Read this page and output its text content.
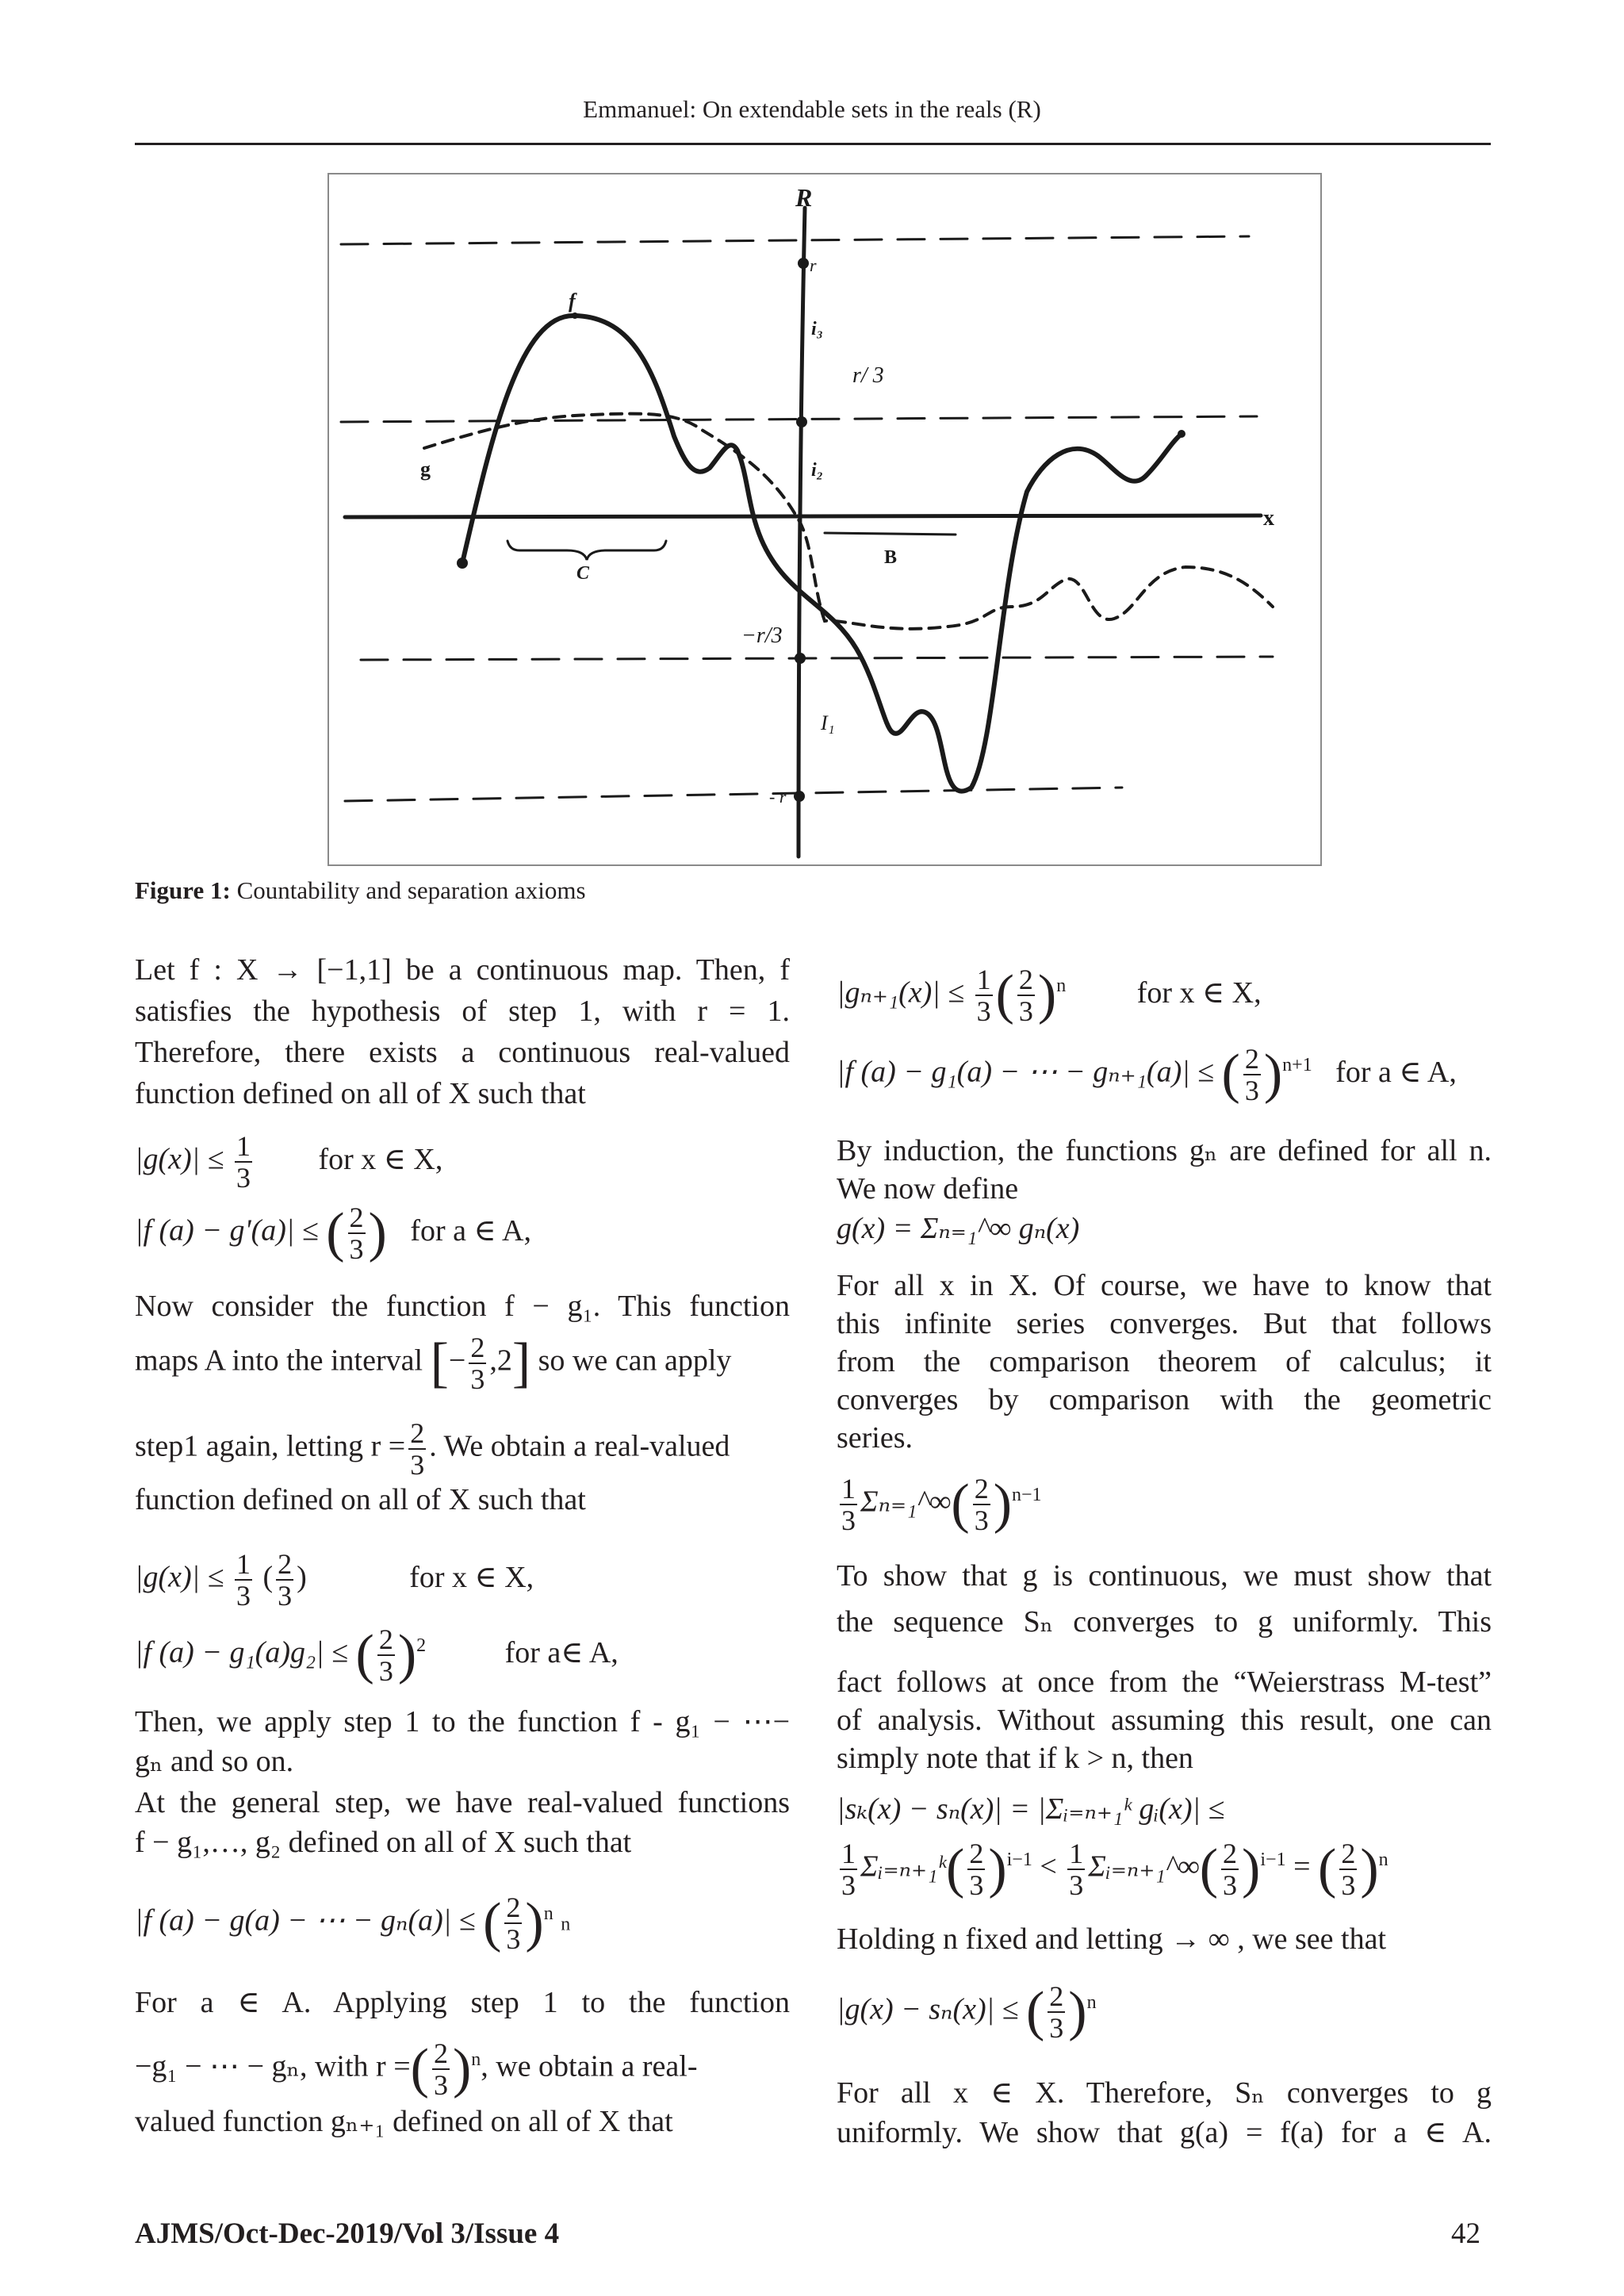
Emmanuel: On extendable sets in the reals (R)
R
x
r
- r
f
g
i₃
r/ 3
i₂
C
B
−r/3
I₁
Figure 1: Countability and separation axioms
Let f : X → [−1,1] be a continuous map. Then, f
satisfies the hypothesis of step 1, with r = 1.
Therefore, there exists a continuous real-valued
function defined on all of X such that
$|g(x)| \le \frac{1}{3}$ for x ∈ X,
|f (a) − g'(a)| ≤ ( $\frac{2}{3}$ ) for a ∈ A,
Now consider the function f − g₁. This function
maps A into the interval [− $\frac{2}{3} ,2$] so we can apply
step1 again, letting $r = \frac{2}{3}$ . We obtain a real-valued
function defined on all of X such that
$|g(x)| \le \frac{1}{3}$ ( $\frac{2}{3}$ )	for x ∈ X,
|f (a) − g₁(a)g₂| ≤ ( $\frac{2}{3} )^2$	for a∈ A,
Then, we apply step 1 to the function f - g₁ − ⋯−
gₙ and so on.
At the general step, we have real-valued functions
f − g₁,…, g₂ defined on all of X such that
|f (a) − g(a) − ⋯ − gₙ(a)| ≤ ( $\frac{2}{3} )^n$ n
For a ∈ A. Applying step 1 to the function
−g₁ − ⋯ − gₙ, with r =( $\frac{2}{3} )^n$, we obtain a real-
valued function gₙ₊₁ defined on all of X that
$|g_{n+1}(x)| \le \frac{1}{3}$ ( $\frac{2}{3} )^n$ for x ∈ X,
|f (a) − g₁(a) − ⋯ − gₙ₊₁(a)| ≤ ( $\frac{2}{3} )^{n+1}$ for a ∈ A,
By induction, the functions gₙ are defined for all n.
We now define
g(x) = Σₙ₌₁^∞ gₙ(x)
For all x in X. Of course, we have to know that
this infinite series converges. But that follows
from the comparison theorem of calculus; it
converges by comparison with the geometric
series.
$\frac{1}{3}$ Σₙ₌₁^∞( $\frac{2}{3} )^{n-1}$
To show that g is continuous, we must show that
the sequence Sₙ converges to g uniformly. This
fact follows at once from the “Weierstrass M-test”
of analysis. Without assuming this result, one can
simply note that if k > n, then
|sₖ(x) − sₙ(x)| = |Σᵢ₌ₙ₊₁ᵏ gᵢ(x)| ≤
$\frac{1}{3}$ Σᵢ₌ₙ₊₁ᵏ( $\frac{2}{3} )^{i-1} < \frac{1}{3}$ Σᵢ₌ₙ₊₁^∞( $\frac{2}{3} )^{i-1}$ = ( $\frac{2}{3} )^n$
Holding n fixed and letting → ∞ , we see that
|g(x) − sₙ(x)| ≤ ( $\frac{2}{3} )^n$
For all x ∈ X. Therefore, Sₙ converges to g
uniformly. We show that g(a) = f(a) for a ∈ A.
AJMS/Oct-Dec-2019/Vol 3/Issue 4	42
